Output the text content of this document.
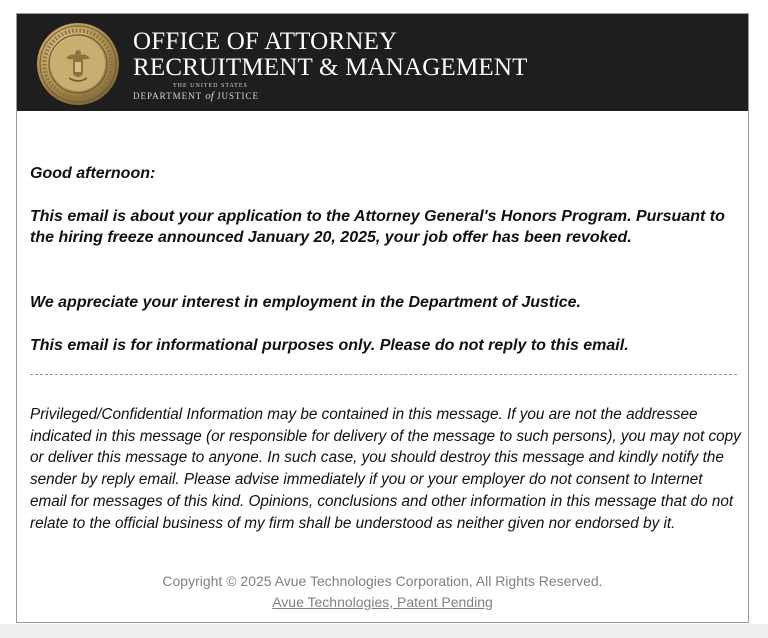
OFFICE OF ATTORNEY
RECRUITMENT & MANAGEMENT
THE UNITED STATES
DEPARTMENT of JUSTICE

Good afternoon:

This email is about your application to the Attorney General's Honors Program. Pursuant to the hiring freeze announced January 20, 2025, your job offer has been revoked.

We appreciate your interest in employment in the Department of Justice.

This email is for informational purposes only. Please do not reply to this email.

Privileged/Confidential Information may be contained in this message. If you are not the addressee indicated in this message (or responsible for delivery of the message to such persons), you may not copy or deliver this message to anyone. In such case, you should destroy this message and kindly notify the sender by reply email. Please advise immediately if you or your employer do not consent to Internet email for messages of this kind. Opinions, conclusions and other information in this message that do not relate to the official business of my firm shall be understood as neither given nor endorsed by it.

Copyright © 2025 Avue Technologies Corporation, All Rights Reserved.
Avue Technologies, Patent Pending
